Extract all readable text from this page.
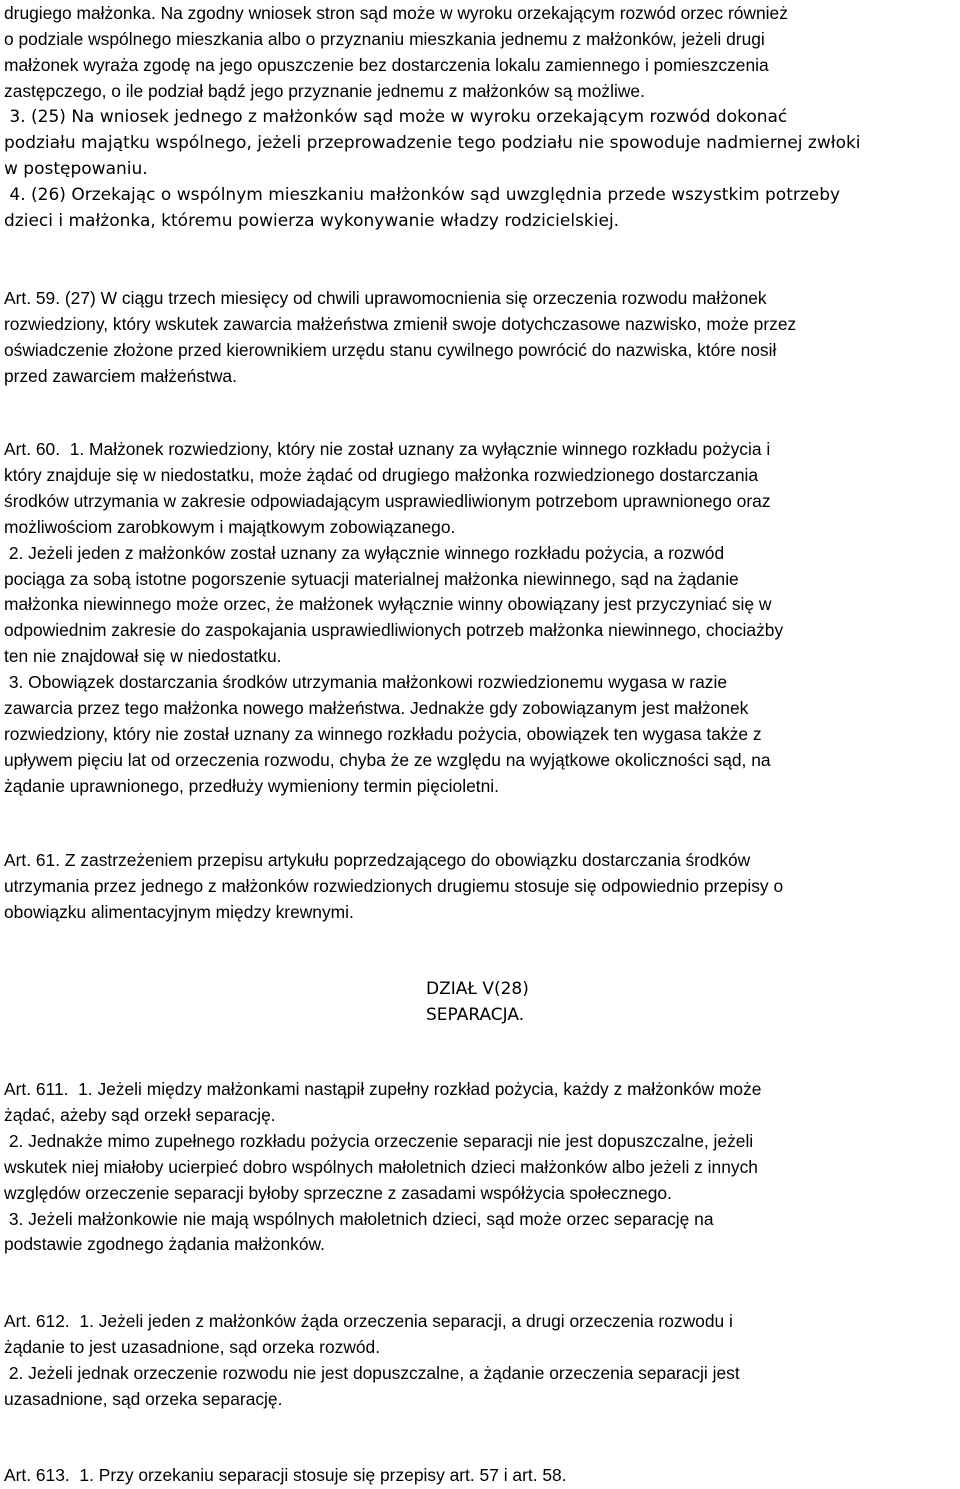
drugiego małżonka. Na zgodny wniosek stron sąd może w wyroku orzekającym rozwód orzec również
o podziale wspólnego mieszkania albo o przyznaniu mieszkania jednemu z małżonków, jeżeli drugi
małżonek wyraża zgodę na jego opuszczenie bez dostarczenia lokalu zamiennego i pomieszczenia
zastępczego, o ile podział bądź jego przyznanie jednemu z małżonków są możliwe.

3. (25) Na wniosek jednego z małżonków sąd może w wyroku orzekającym rozwód dokonać
podziału majątku wspólnego, jeżeli przeprowadzenie tego podziału nie spowoduje nadmiernej zwłoki
w postępowaniu.

4. (26) Orzekając o wspólnym mieszkaniu małżonków sąd uwzględnia przede wszystkim potrzeby
dzieci i małżonka, któremu powierza wykonywanie władzy rodzicielskiej.

Art. 59. (27) W ciągu trzech miesięcy od chwili uprawomocnienia się orzeczenia rozwodu małżonek
rozwiedziony, który wskutek zawarcia małżeństwa zmienił swoje dotychczasowe nazwisko, może przez
oświadczenie złożone przed kierownikiem urzędu stanu cywilnego powrócić do nazwiska, które nosił
przed zawarciem małżeństwa.

Art. 60.  1. Małżonek rozwiedziony, który nie został uznany za wyłącznie winnego rozkładu pożycia i
który znajduje się w niedostatku, może żądać od drugiego małżonka rozwiedzionego dostarczania
środków utrzymania w zakresie odpowiadającym usprawiedliwionym potrzebom uprawnionego oraz
możliwościom zarobkowym i majątkowym zobowiązanego.
2. Jeżeli jeden z małżonków został uznany za wyłącznie winnego rozkładu pożycia, a rozwód
pociąga za sobą istotne pogorszenie sytuacji materialnej małżonka niewinnego, sąd na żądanie
małżonka niewinnego może orzec, że małżonek wyłącznie winny obowiązany jest przyczyniać się w
odpowiednim zakresie do zaspokajania usprawiedliwionych potrzeb małżonka niewinnego, chociażby
ten nie znajdował się w niedostatku.
3. Obowiązek dostarczania środków utrzymania małżonkowi rozwiedzionemu wygasa w razie
zawarcia przez tego małżonka nowego małżeństwa. Jednakże gdy zobowiązanym jest małżonek
rozwiedziony, który nie został uznany za winnego rozkładu pożycia, obowiązek ten wygasa także z
upływem pięciu lat od orzeczenia rozwodu, chyba że ze względu na wyjątkowe okoliczności sąd, na
żądanie uprawnionego, przedłuży wymieniony termin pięcioletni.

Art. 61. Z zastrzeżeniem przepisu artykułu poprzedzającego do obowiązku dostarczania środków
utrzymania przez jednego z małżonków rozwiedzionych drugiemu stosuje się odpowiednio przepisy o
obowiązku alimentacyjnym między krewnymi.

DZIAŁ V(28)

SEPARACJA.

Art. 611.  1. Jeżeli między małżonkami nastąpił zupełny rozkład pożycia, każdy z małżonków może
żądać, ażeby sąd orzekł separację.
2. Jednakże mimo zupełnego rozkładu pożycia orzeczenie separacji nie jest dopuszczalne, jeżeli
wskutek niej miałoby ucierpieć dobro wspólnych małoletnich dzieci małżonków albo jeżeli z innych
względów orzeczenie separacji byłoby sprzeczne z zasadami współżycia społecznego.
3. Jeżeli małżonkowie nie mają wspólnych małoletnich dzieci, sąd może orzec separację na
podstawie zgodnego żądania małżonków.

Art. 612.  1. Jeżeli jeden z małżonków żąda orzeczenia separacji, a drugi orzeczenia rozwodu i
żądanie to jest uzasadnione, sąd orzeka rozwód.
2. Jeżeli jednak orzeczenie rozwodu nie jest dopuszczalne, a żądanie orzeczenia separacji jest
uzasadnione, sąd orzeka separację.

Art. 613.  1. Przy orzekaniu separacji stosuje się przepisy art. 57 i art. 58.
